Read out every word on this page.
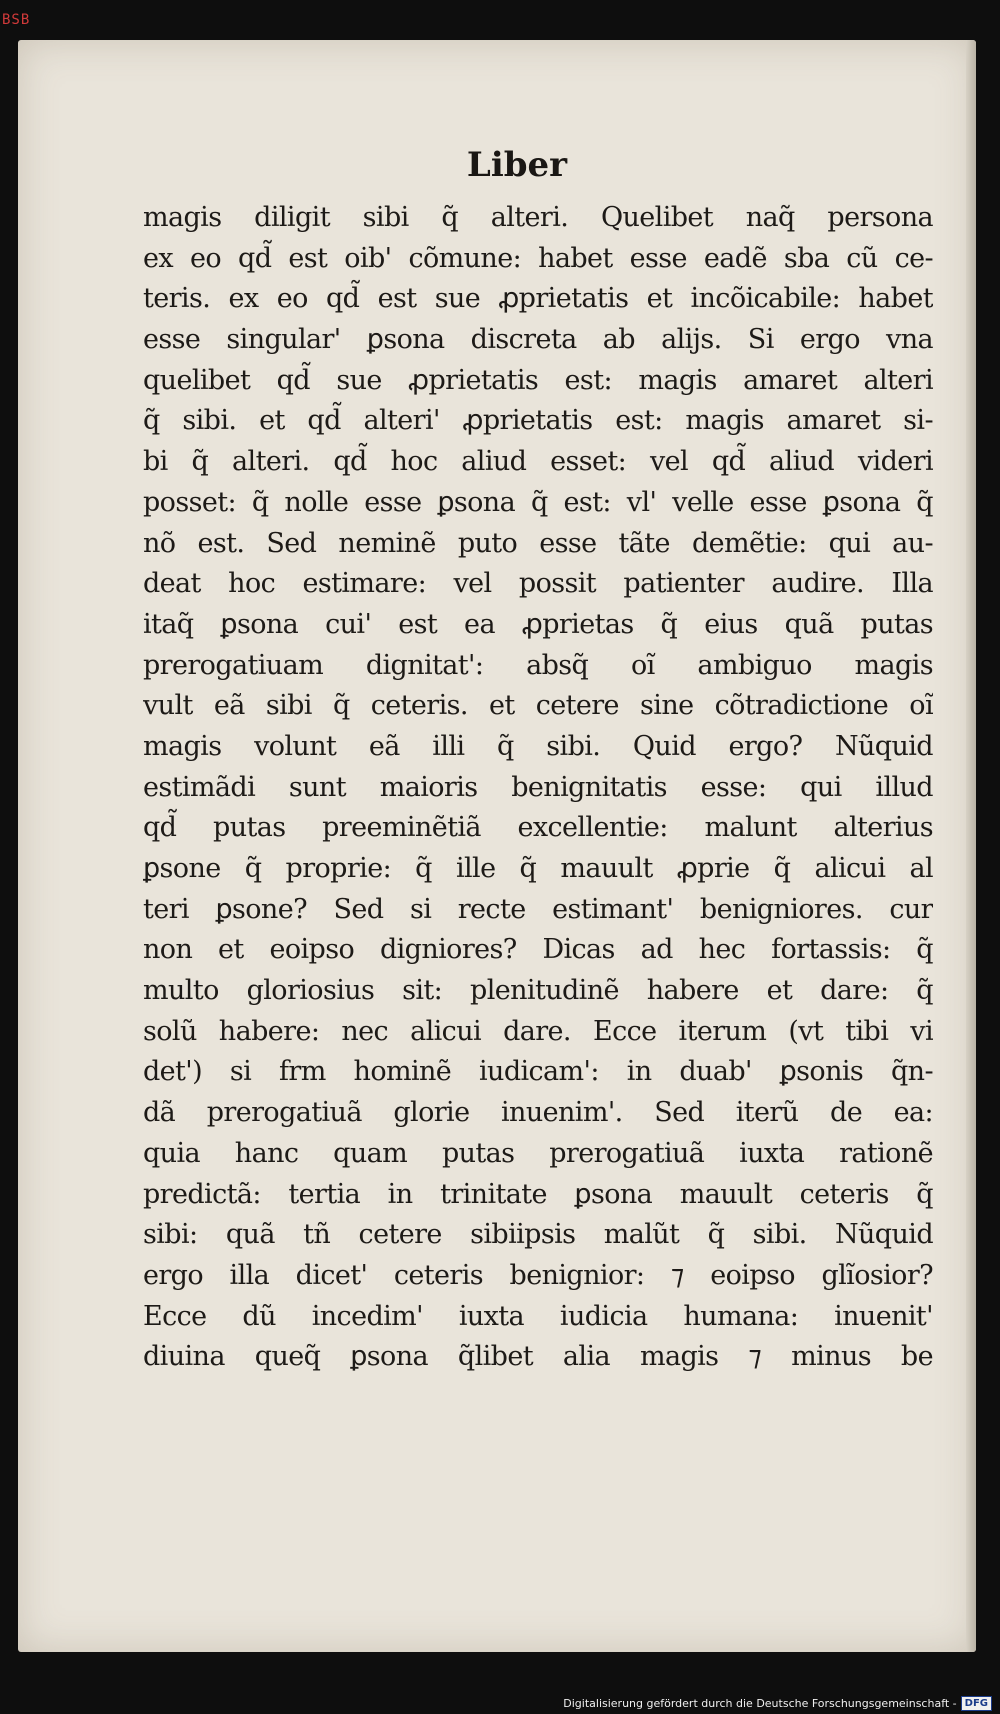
BSB
Liber
magis diligit sibi q̃ alteri. Quelibet naq̃ persona
ex eo qd̃ est oib' cõmune: habet esse eadẽ sba cũ ce-
teris. ex eo qd̃ est sue ꝓprietatis et incõicabile: habet
esse singular' ꝑsona discreta ab alijs. Si ergo vna
quelibet qd̃ sue ꝓprietatis est: magis amaret alteri
q̃ sibi. et qd̃ alteri' ꝓprietatis est: magis amaret si-
bi q̃ alteri. qd̃ hoc aliud esset: vel qd̃ aliud videri
posset: q̃ nolle esse ꝑsona q̃ est: vl' velle esse ꝑsona q̃
nõ est. Sed neminẽ puto esse tãte demẽtie: qui au-
deat hoc estimare: vel possit patienter audire. Illa
itaq̃ ꝑsona cui' est ea ꝓprietas q̃ eius quã putas
prerogatiuam dignitat': absq̃ oĩ ambiguo magis
vult eã sibi q̃ ceteris. et cetere sine cõtradictione oĩ
magis volunt eã illi q̃ sibi. Quid ergo? Nũquid
estimãdi sunt maioris benignitatis esse: qui illud
qd̃ putas preeminẽtiã excellentie: malunt alterius
ꝑsone q̃ proprie: q̃ ille q̃ mauult ꝓprie q̃ alicui al
teri ꝑsone? Sed si recte estimant' benigniores. cur
non et eoipso digniores? Dicas ad hec fortassis: q̃
multo gloriosius sit: plenitudinẽ habere et dare: q̃
solũ habere: nec alicui dare. Ecce iterum (vt tibi vi
det') si frm hominẽ iudicam': in duab' ꝑsonis q̃n-
dã prerogatiuã glorie inuenim'. Sed iterũ de ea:
quia hanc quam putas prerogatiuã iuxta rationẽ
predictã: tertia in trinitate ꝑsona mauult ceteris q̃
sibi: quã tñ cetere sibiipsis malũt q̃ sibi. Nũquid
ergo illa dicet' ceteris benignior: ⁊ eoipso glĩosior?
Ecce dũ incedim' iuxta iudicia humana: inuenit'
diuina queq̃ ꝑsona q̃libet alia magis ⁊ minus be
Digitalisierung gefördert durch die Deutsche Forschungsgemeinschaft - DFG
